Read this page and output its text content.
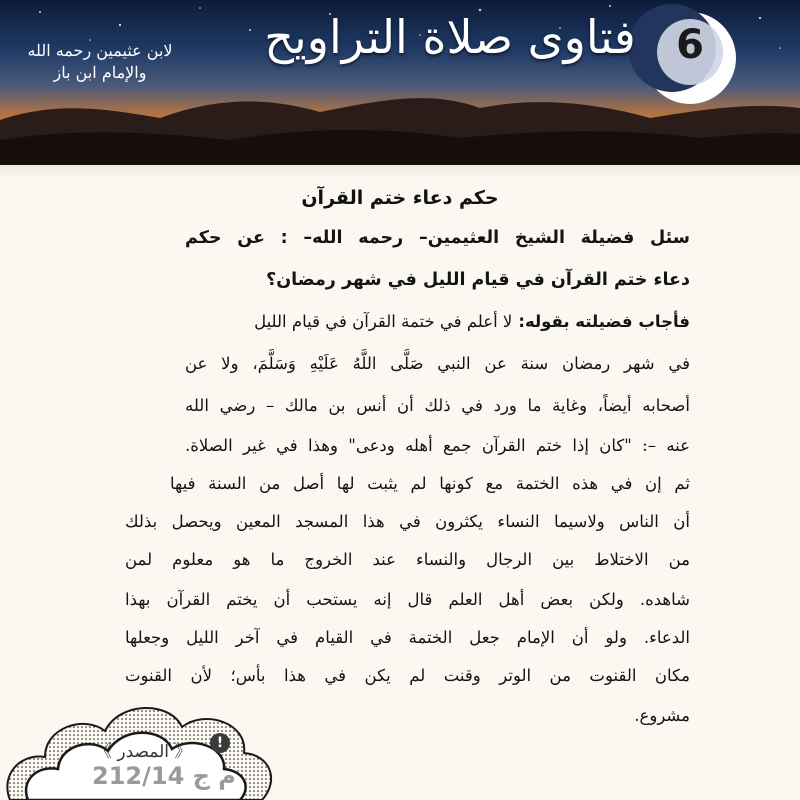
6
فتاوى صلاة التراويح
لابن عثيمين رحمه الله
والإمام ابن باز
حكم دعاء ختم القرآن
سئل فضيلة الشيخ العثيمين– رحمه الله– : عن حكم
دعاء ختم القرآن في قيام الليل في شهر رمضان؟
فأجاب فضيلته بقوله:
لا أعلم في ختمة القرآن في قيام الليل
في شهر رمضان سنة عن النبي صَلَّى اللَّهُ عَلَيْهِ وَسَلَّمَ، ولا عن
أصحابه أيضاً، وغاية ما ورد في ذلك أن أنس بن مالك – رضي الله
عنه –: "كان إذا ختم القرآن جمع أهله ودعى" وهذا في غير الصلاة.
ثم إن في هذه الختمة مع كونها لم يثبت لها أصل من السنة فيها
أن الناس ولاسيما النساء يكثرون في هذا المسجد المعين ويحصل بذلك
من الاختلاط بين الرجال والنساء عند الخروج ما هو معلوم لمن
شاهده. ولكن بعض أهل العلم قال إنه يستحب أن يختم القرآن بهذا
الدعاء. ولو أن الإمام جعل الختمة في القيام في آخر الليل وجعلها
مكان القنوت من الوتر وقنت لم يكن في هذا بأس؛ لأن القنوت
مشروع.
!
《 المصدر 》
م ج 212/14
